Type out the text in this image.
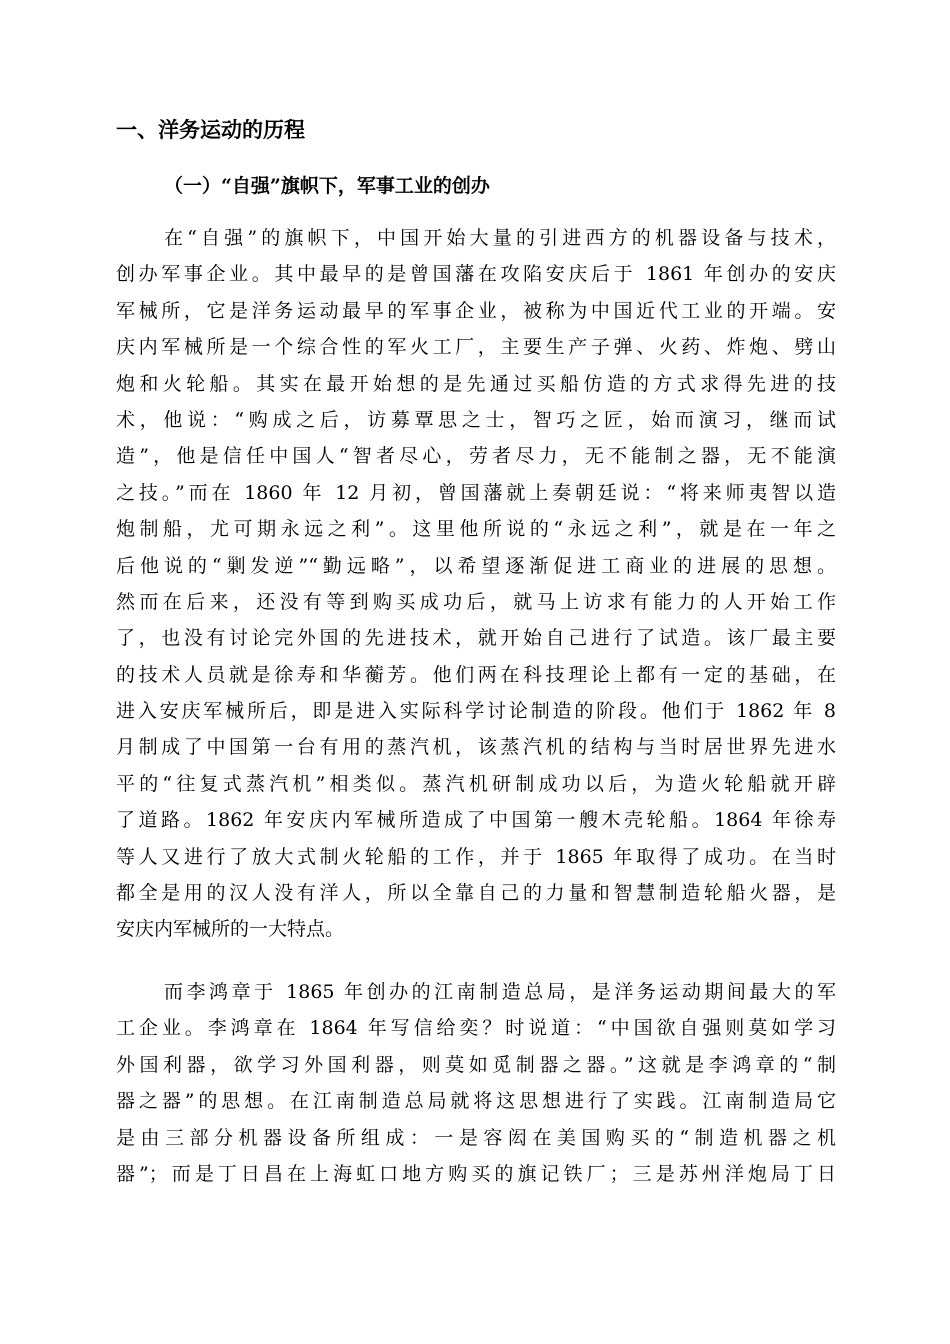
一、洋务运动的历程
（一）“自强”旗帜下，军事工业的创办
在“自强”的旗帜下，中国开始大量的引进西方的机器设备与技术，
创办军事企业。其中最早的是曾国藩在攻陷安庆后于 1861 年创办的安庆
军械所，它是洋务运动最早的军事企业，被称为中国近代工业的开端。安
庆内军械所是一个综合性的军火工厂，主要生产子弹、火药、炸炮、劈山
炮和火轮船。其实在最开始想的是先通过买船仿造的方式求得先进的技
术，他说：“购成之后，访募覃思之士，智巧之匠，始而演习，继而试
造”，他是信任中国人“智者尽心，劳者尽力，无不能制之器，无不能演
之技。”而在 1860 年 12 月初，曾国藩就上奏朝廷说：“将来师夷智以造
炮制船，尤可期永远之利”。这里他所说的“永远之利”，就是在一年之
后他说的“剿发逆”“勤远略”，以希望逐渐促进工商业的进展的思想。
然而在后来，还没有等到购买成功后，就马上访求有能力的人开始工作
了，也没有讨论完外国的先进技术，就开始自己进行了试造。该厂最主要
的技术人员就是徐寿和华蘅芳。他们两在科技理论上都有一定的基础，在
进入安庆军械所后，即是进入实际科学讨论制造的阶段。他们于 1862 年 8
月制成了中国第一台有用的蒸汽机，该蒸汽机的结构与当时居世界先进水
平的“往复式蒸汽机”相类似。蒸汽机研制成功以后，为造火轮船就开辟
了道路。1862 年安庆内军械所造成了中国第一艘木壳轮船。1864 年徐寿
等人又进行了放大式制火轮船的工作，并于 1865 年取得了成功。在当时
都全是用的汉人没有洋人，所以全靠自己的力量和智慧制造轮船火器，是
安庆内军械所的一大特点。
而李鸿章于 1865 年创办的江南制造总局，是洋务运动期间最大的军
工企业。李鸿章在 1864 年写信给奕？时说道：“中国欲自强则莫如学习
外国利器，欲学习外国利器，则莫如觅制器之器。”这就是李鸿章的“制
器之器”的思想。在江南制造总局就将这思想进行了实践。江南制造局它
是由三部分机器设备所组成：一是容闳在美国购买的“制造机器之机
器”；而是丁日昌在上海虹口地方购买的旗记铁厂；三是苏州洋炮局丁日
